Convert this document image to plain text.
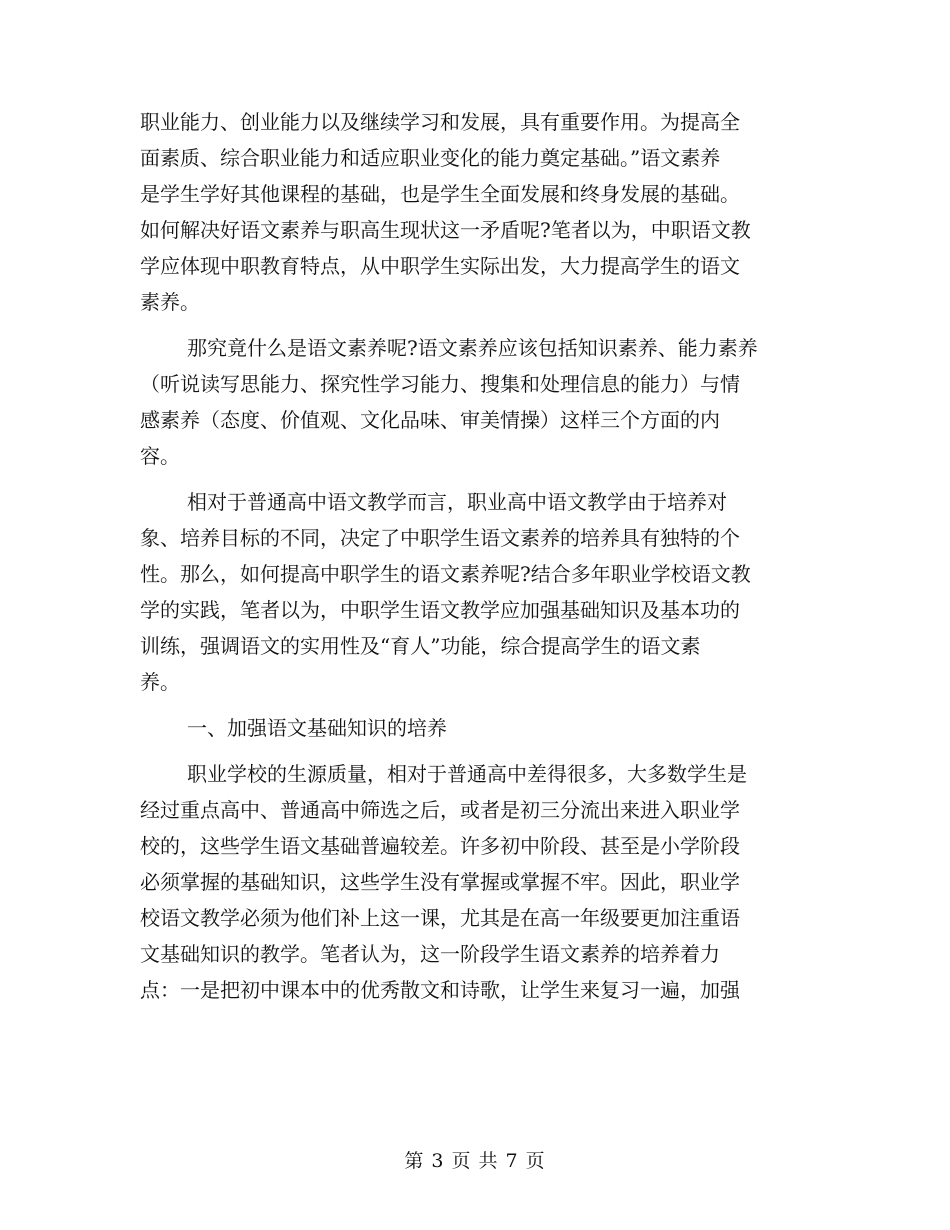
职业能力、创业能力以及继续学习和发展，具有重要作用。为提高全

面素质、综合职业能力和适应职业变化的能力奠定基础。”语文素养

是学生学好其他课程的基础，也是学生全面发展和终身发展的基础。

如何解决好语文素养与职高生现状这一矛盾呢?笔者以为，中职语文教

学应体现中职教育特点，从中职学生实际出发，大力提高学生的语文

素养。

那究竟什么是语文素养呢?语文素养应该包括知识素养、能力素养

（听说读写思能力、探究性学习能力、搜集和处理信息的能力）与情

感素养（态度、价值观、文化品味、审美情操）这样三个方面的内

容。

相对于普通高中语文教学而言，职业高中语文教学由于培养对

象、培养目标的不同，决定了中职学生语文素养的培养具有独特的个

性。那么，如何提高中职学生的语文素养呢?结合多年职业学校语文教

学的实践，笔者以为，中职学生语文教学应加强基础知识及基本功的

训练，强调语文的实用性及“育人”功能，综合提高学生的语文素

养。

一、加强语文基础知识的培养

职业学校的生源质量，相对于普通高中差得很多，大多数学生是

经过重点高中、普通高中筛选之后，或者是初三分流出来进入职业学

校的，这些学生语文基础普遍较差。许多初中阶段、甚至是小学阶段

必须掌握的基础知识，这些学生没有掌握或掌握不牢。因此，职业学

校语文教学必须为他们补上这一课，尤其是在高一年级要更加注重语

文基础知识的教学。笔者认为，这一阶段学生语文素养的培养着力

点：一是把初中课本中的优秀散文和诗歌，让学生来复习一遍，加强

第 3 页 共 7 页
